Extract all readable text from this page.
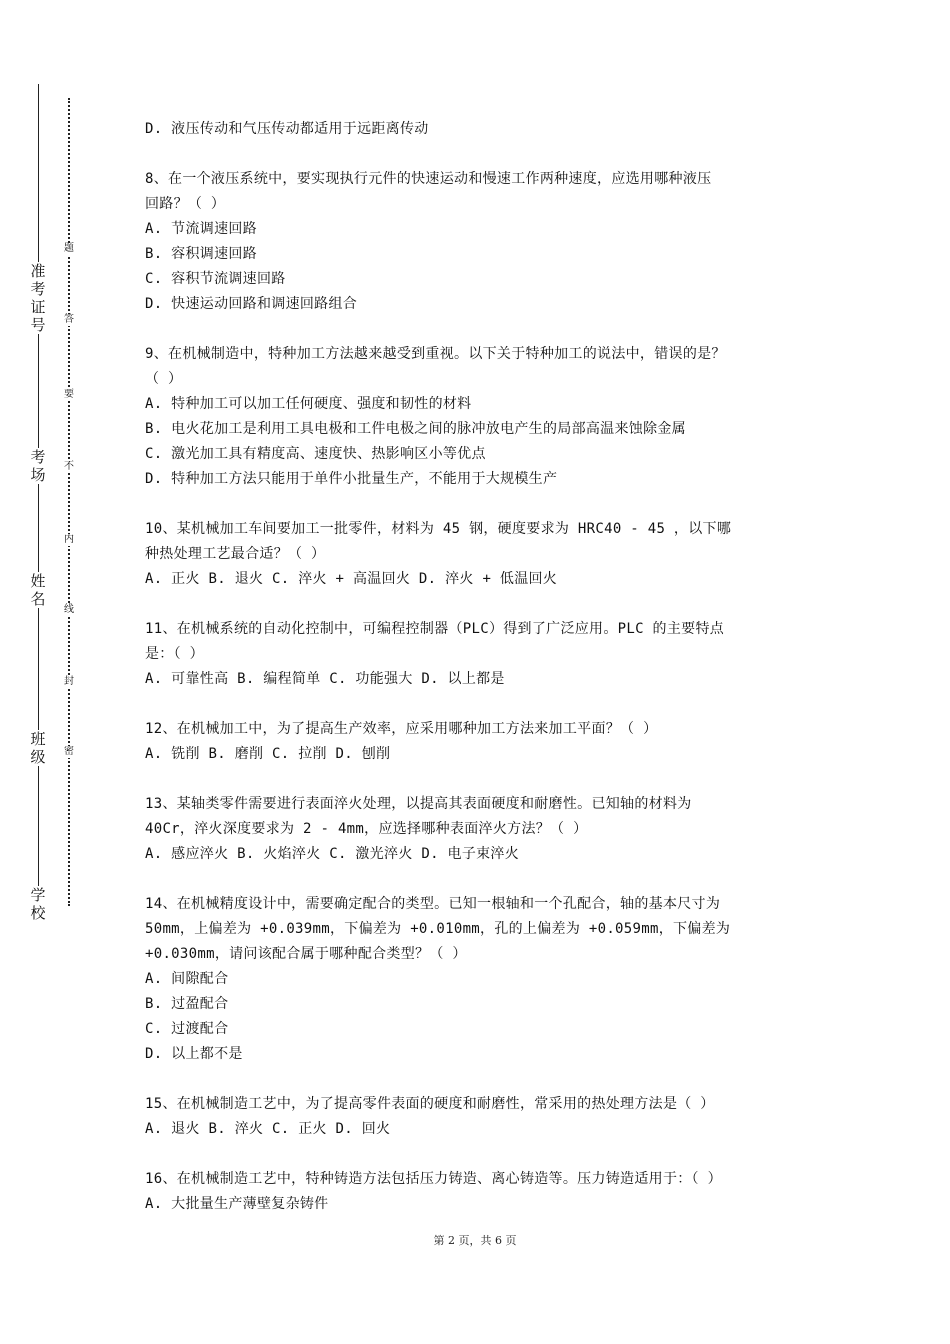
学校
班级
姓名
考场
准考证号
密
封
线
内
不
要
答
题
D. 液压传动和气压传动都适用于远距离传动
8、在一个液压系统中，要实现执行元件的快速运动和慢速工作两种速度，应选用哪种液压
回路？（ ）
A. 节流调速回路
B. 容积调速回路
C. 容积节流调速回路
D. 快速运动回路和调速回路组合
9、在机械制造中，特种加工方法越来越受到重视。以下关于特种加工的说法中，错误的是？
（ ）
A. 特种加工可以加工任何硬度、强度和韧性的材料
B. 电火花加工是利用工具电极和工件电极之间的脉冲放电产生的局部高温来蚀除金属
C. 激光加工具有精度高、速度快、热影响区小等优点
D. 特种加工方法只能用于单件小批量生产，不能用于大规模生产
10、某机械加工车间要加工一批零件，材料为 45 钢，硬度要求为 HRC40 - 45 ，以下哪
种热处理工艺最合适？（ ）
A. 正火 B. 退火 C. 淬火 + 高温回火 D. 淬火 + 低温回火
11、在机械系统的自动化控制中，可编程控制器（PLC）得到了广泛应用。PLC 的主要特点
是：（ ）
A. 可靠性高 B. 编程简单 C. 功能强大 D. 以上都是
12、在机械加工中，为了提高生产效率，应采用哪种加工方法来加工平面？（ ）
A. 铣削 B. 磨削 C. 拉削 D. 刨削
13、某轴类零件需要进行表面淬火处理，以提高其表面硬度和耐磨性。已知轴的材料为
40Cr，淬火深度要求为 2 - 4mm，应选择哪种表面淬火方法？（ ）
A. 感应淬火 B. 火焰淬火 C. 激光淬火 D. 电子束淬火
14、在机械精度设计中，需要确定配合的类型。已知一根轴和一个孔配合，轴的基本尺寸为
50mm，上偏差为 +0.039mm，下偏差为 +0.010mm，孔的上偏差为 +0.059mm，下偏差为
+0.030mm，请问该配合属于哪种配合类型？（ ）
A. 间隙配合
B. 过盈配合
C. 过渡配合
D. 以上都不是
15、在机械制造工艺中，为了提高零件表面的硬度和耐磨性，常采用的热处理方法是（ ）
A. 退火 B. 淬火 C. 正火 D. 回火
16、在机械制造工艺中，特种铸造方法包括压力铸造、离心铸造等。压力铸造适用于：（ ）
A. 大批量生产薄壁复杂铸件
第 2 页，共 6 页
